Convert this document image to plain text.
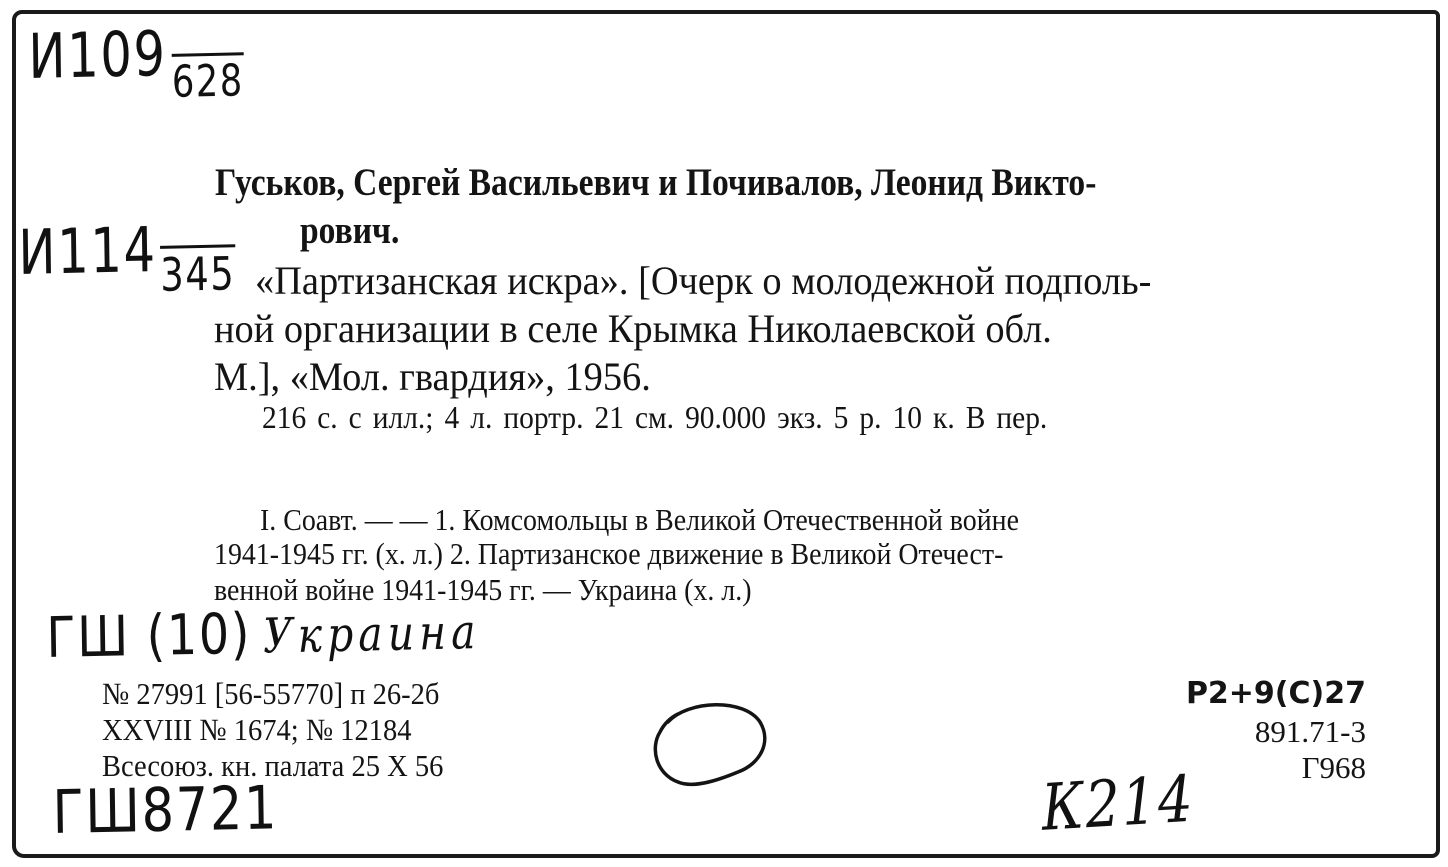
И109628
И114345
ГШ (10) Украина
ГШ8721	К214
Гуськов, Сергей Васильевич и Почивалов, Леонид Викто-
рович.
«Партизанская искра». [Очерк о молодежной подполь-
ной организации в селе Крымка Николаевской обл.
М.], «Мол. гвардия», 1956.
216 с. с илл.; 4 л. портр. 21 см. 90.000 экз. 5 р. 10 к. В пер.
I. Соавт. — — 1. Комсомольцы в Великой Отечественной войне
1941-1945 гг. (х. л.) 2. Партизанское движение в Великой Отечест-
венной войне 1941-1945 гг. — Украина (х. л.)
№ 27991 [56-55770] п 26-2б
XXVIII № 1674; № 12184
Всесоюз. кн. палата 25 X 56
P2+9(C)27
891.71-3
Г968
